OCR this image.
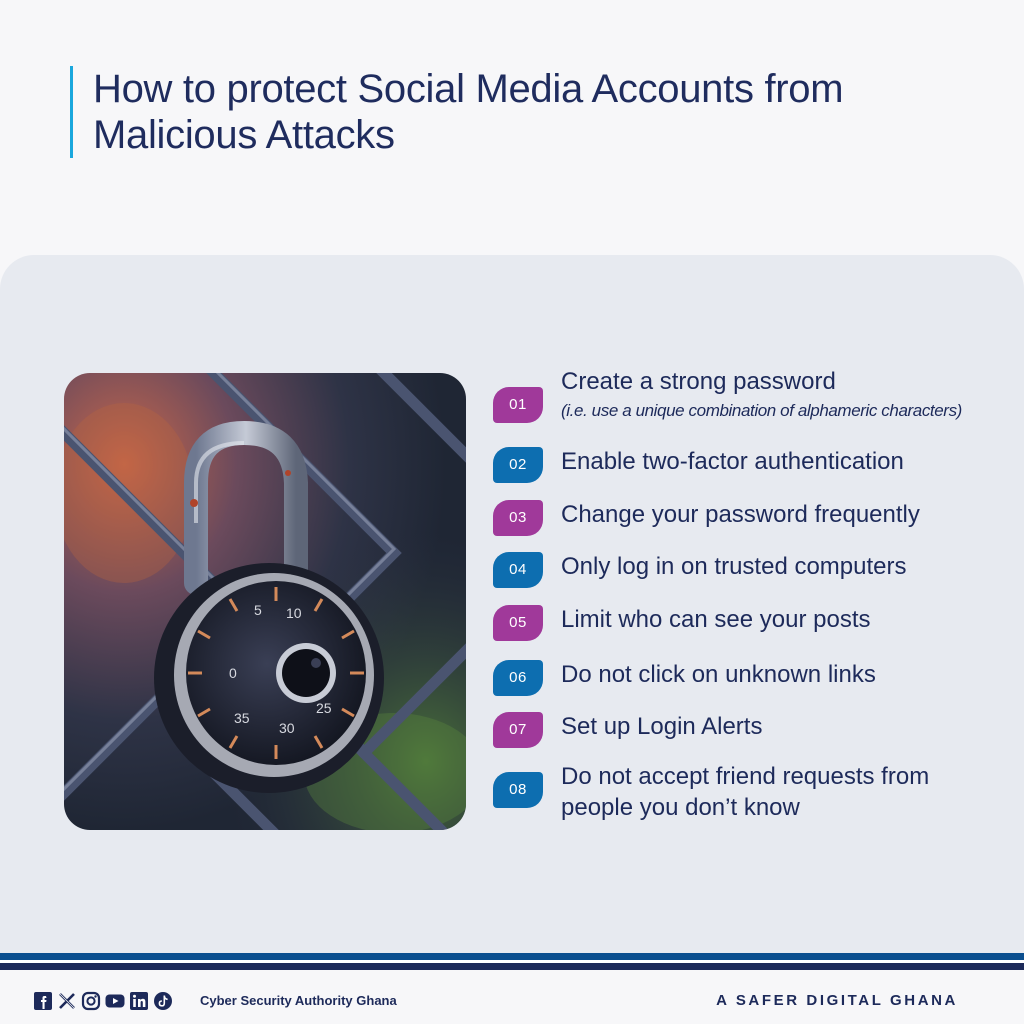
How to protect Social Media Accounts from
Malicious Attacks
10
5
0
35
30
25
01
Create a strong password
(i.e. use a unique combination of alphameric characters)
02	Enable two-factor authentication
03	Change your password frequently
04	Only log in on trusted computers
05	Limit who can see your posts
06	Do not click on unknown links
07	Set up Login Alerts
08	Do not accept friend requests from people you don’t know
Cyber Security Authority Ghana	A SAFER DIGITAL GHANA
